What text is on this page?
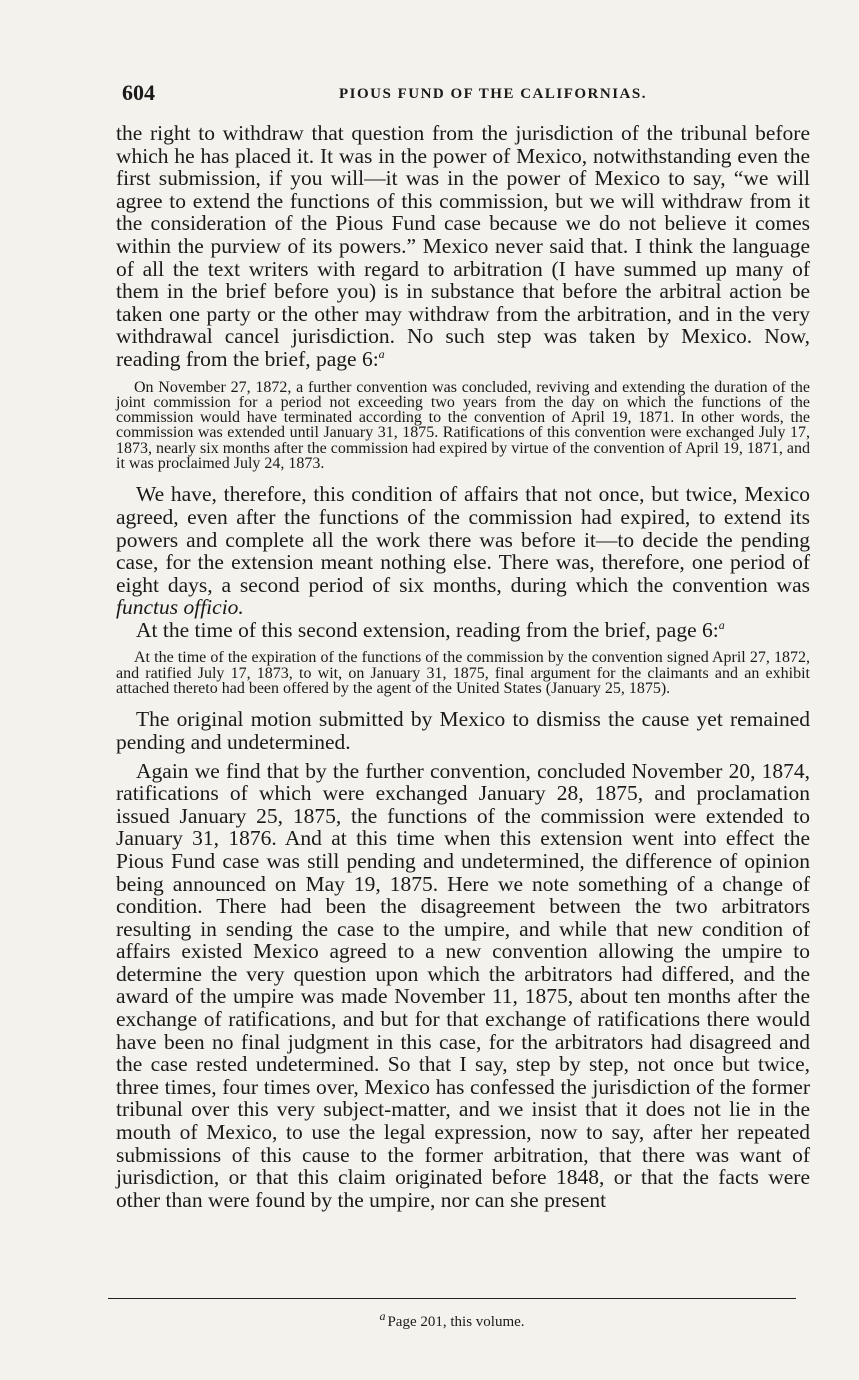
604	PIOUS FUND OF THE CALIFORNIAS.

the right to withdraw that question from the jurisdiction of the tribunal before which he has placed it. It was in the power of Mexico, notwithstanding even the first submission, if you will—it was in the power of Mexico to say, “we will agree to extend the functions of this commission, but we will withdraw from it the consideration of the Pious Fund case because we do not believe it comes within the purview of its powers.” Mexico never said that. I think the language of all the text writers with regard to arbitration (I have summed up many of them in the brief before you) is in substance that before the arbitral action be taken one party or the other may withdraw from the arbitration, and in the very withdrawal cancel jurisdiction. No such step was taken by Mexico. Now, reading from the brief, page 6:$^a$

On November 27, 1872, a further convention was concluded, reviving and extending the duration of the joint commission for a period not exceeding two years from the day on which the functions of the commission would have terminated according to the convention of April 19, 1871. In other words, the commission was extended until January 31, 1875. Ratifications of this convention were exchanged July 17, 1873, nearly six months after the commission had expired by virtue of the convention of April 19, 1871, and it was proclaimed July 24, 1873.

We have, therefore, this condition of affairs that not once, but twice, Mexico agreed, even after the functions of the commission had expired, to extend its powers and complete all the work there was before it—to decide the pending case, for the extension meant nothing else. There was, therefore, one period of eight days, a second period of six months, during which the convention was functus officio.

At the time of this second extension, reading from the brief, page 6:$^a$

At the time of the expiration of the functions of the commission by the convention signed April 27, 1872, and ratified July 17, 1873, to wit, on January 31, 1875, final argument for the claimants and an exhibit attached thereto had been offered by the agent of the United States (January 25, 1875).

The original motion submitted by Mexico to dismiss the cause yet remained pending and undetermined.

Again we find that by the further convention, concluded November 20, 1874, ratifications of which were exchanged January 28, 1875, and proclamation issued January 25, 1875, the functions of the commission were extended to January 31, 1876. And at this time when this extension went into effect the Pious Fund case was still pending and undetermined, the difference of opinion being announced on May 19, 1875. Here we note something of a change of condition. There had been the disagreement between the two arbitrators resulting in sending the case to the umpire, and while that new condition of affairs existed Mexico agreed to a new convention allowing the umpire to determine the very question upon which the arbitrators had differed, and the award of the umpire was made November 11, 1875, about ten months after the exchange of ratifications, and but for that exchange of ratifications there would have been no final judgment in this case, for the arbitrators had disagreed and the case rested undetermined. So that I say, step by step, not once but twice, three times, four times over, Mexico has confessed the jurisdiction of the former tribunal over this very subject-matter, and we insist that it does not lie in the mouth of Mexico, to use the legal expression, now to say, after her repeated submissions of this cause to the former arbitration, that there was want of jurisdiction, or that this claim originated before 1848, or that the facts were other than were found by the umpire, nor can she present

$^a$ Page 201, this volume.
